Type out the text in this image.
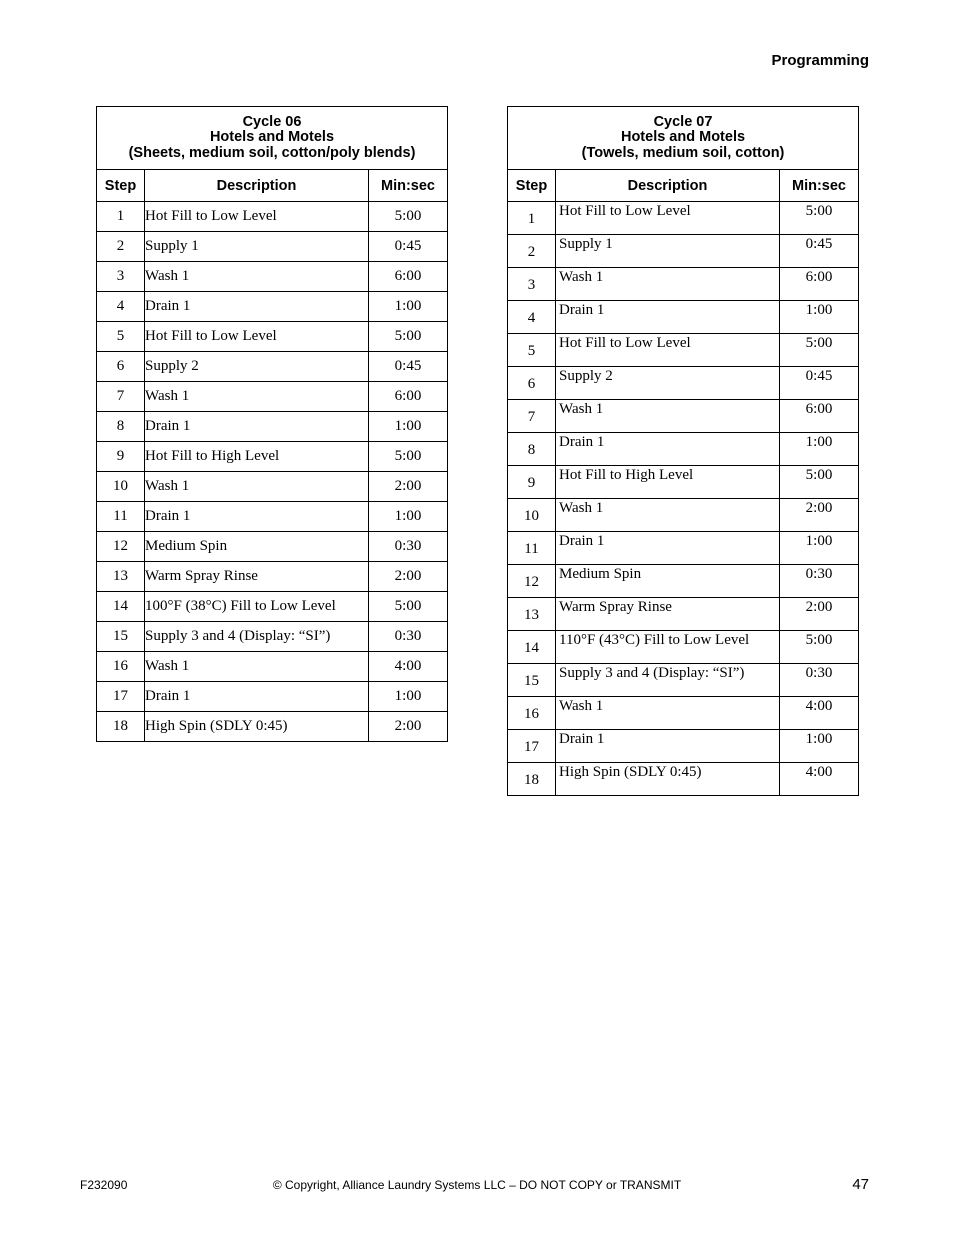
Programming
Cycle 06
Hotels and Motels
(Sheets, medium soil, cotton/poly blends)		

Step	Description	Min:sec
1	Hot Fill to Low Level	5:00
2	Supply 1	0:45
3	Wash 1	6:00
4	Drain 1	1:00
5	Hot Fill to Low Level	5:00
6	Supply 2	0:45
7	Wash 1	6:00
8	Drain 1	1:00
9	Hot Fill to High Level	5:00
10	Wash 1	2:00
11	Drain 1	1:00
12	Medium Spin	0:30
13	Warm Spray Rinse	2:00
14	100°F (38°C) Fill to Low Level	5:00
15	Supply 3 and 4 (Display: “SI”)	0:30
16	Wash 1	4:00
17	Drain 1	1:00
18	High Spin (SDLY 0:45)	2:00
Cycle 07
Hotels and Motels
(Towels, medium soil, cotton)		

Step	Description	Min:sec
1	Hot Fill to Low Level	5:00
2	Supply 1	0:45
3	Wash 1	6:00
4	Drain 1	1:00
5	Hot Fill to Low Level	5:00
6	Supply 2	0:45
7	Wash 1	6:00
8	Drain 1	1:00
9	Hot Fill to High Level	5:00
10	Wash 1	2:00
11	Drain 1	1:00
12	Medium Spin	0:30
13	Warm Spray Rinse	2:00
14	110°F (43°C) Fill to Low Level	5:00
15	Supply 3 and 4 (Display: “SI”)	0:30
16	Wash 1	4:00
17	Drain 1	1:00
18	High Spin (SDLY 0:45)	4:00
F232090	© Copyright, Alliance Laundry Systems LLC – DO NOT COPY or TRANSMIT	47
